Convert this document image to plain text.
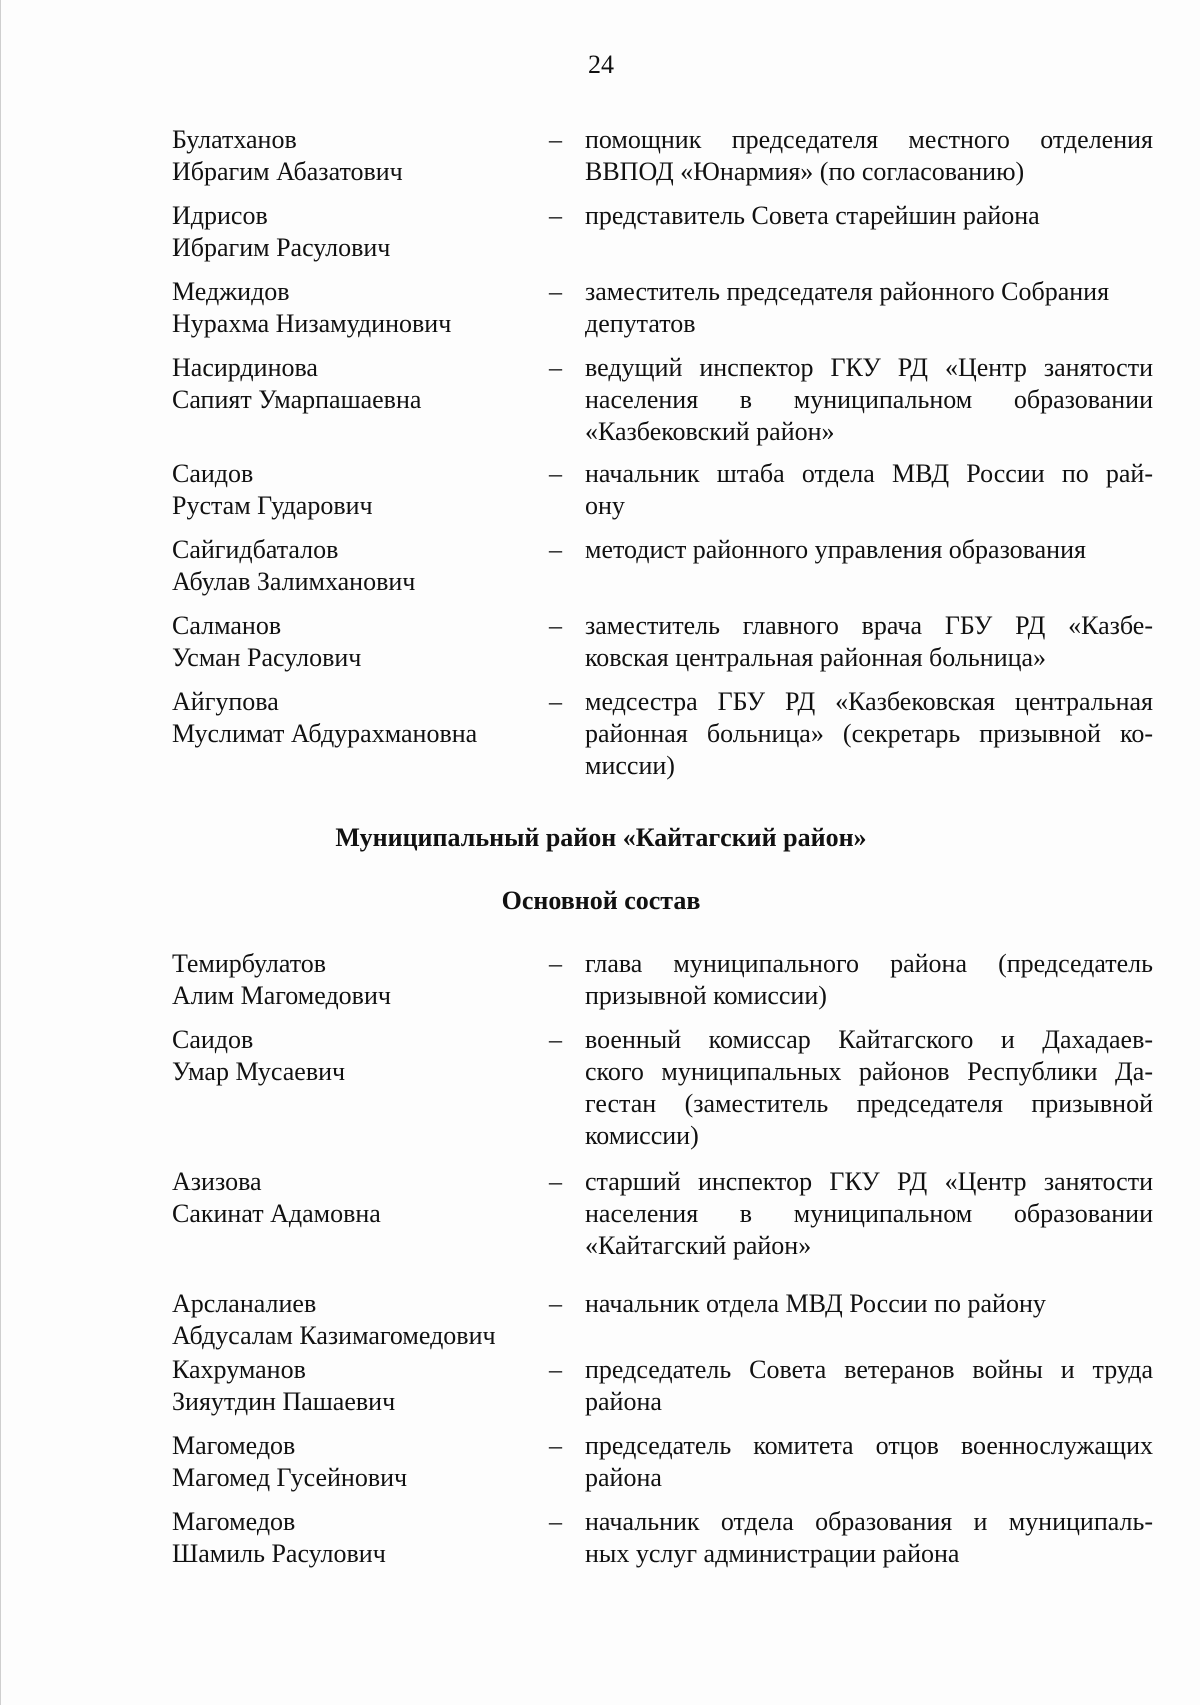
24
Булатханов
Ибрагим Абазатович
– помощник председателя местного отделения
ВВПОД «Юнармия» (по согласованию)
Идрисов
Ибрагим Расулович
– представитель Совета старейшин района
Меджидов
Нурахма Низамудинович
– заместитель председателя районного Собрания
депутатов
Насирдинова
Сапият Умарпашаевна
– ведущий инспектор ГКУ РД «Центр занятости
населения в муниципальном образовании
«Казбековский район»
Саидов
Рустам Гударович
– начальник штаба отдела МВД России по рай-
ону
Сайгидбаталов
Абулав Залимханович
– методист районного управления образования
Салманов
Усман Расулович
– заместитель главного врача ГБУ РД «Казбе-
ковская центральная районная больница»
Айгупова
Муслимат Абдурахмановна
– медсестра ГБУ РД «Казбековская центральная
районная больница» (секретарь призывной ко-
миссии)
Муниципальный район «Кайтагский район»
Основной состав
Темирбулатов
Алим Магомедович
– глава муниципального района (председатель
призывной комиссии)
Саидов
Умар Мусаевич
– военный комиссар Кайтагского и Дахадаев-
ского муниципальных районов Республики Да-
гестан (заместитель председателя призывной
комиссии)
Азизова
Сакинат Адамовна
– старший инспектор ГКУ РД «Центр занятости
населения в муниципальном образовании
«Кайтагский район»
Арсланалиев
Абдусалам Казимагомедович
– начальник отдела МВД России по району
Кахруманов
Зияутдин Пашаевич
– председатель Совета ветеранов войны и труда
района
Магомедов
Магомед Гусейнович
– председатель комитета отцов военнослужащих
района
Магомедов
Шамиль Расулович
– начальник отдела образования и муниципаль-
ных услуг администрации района
